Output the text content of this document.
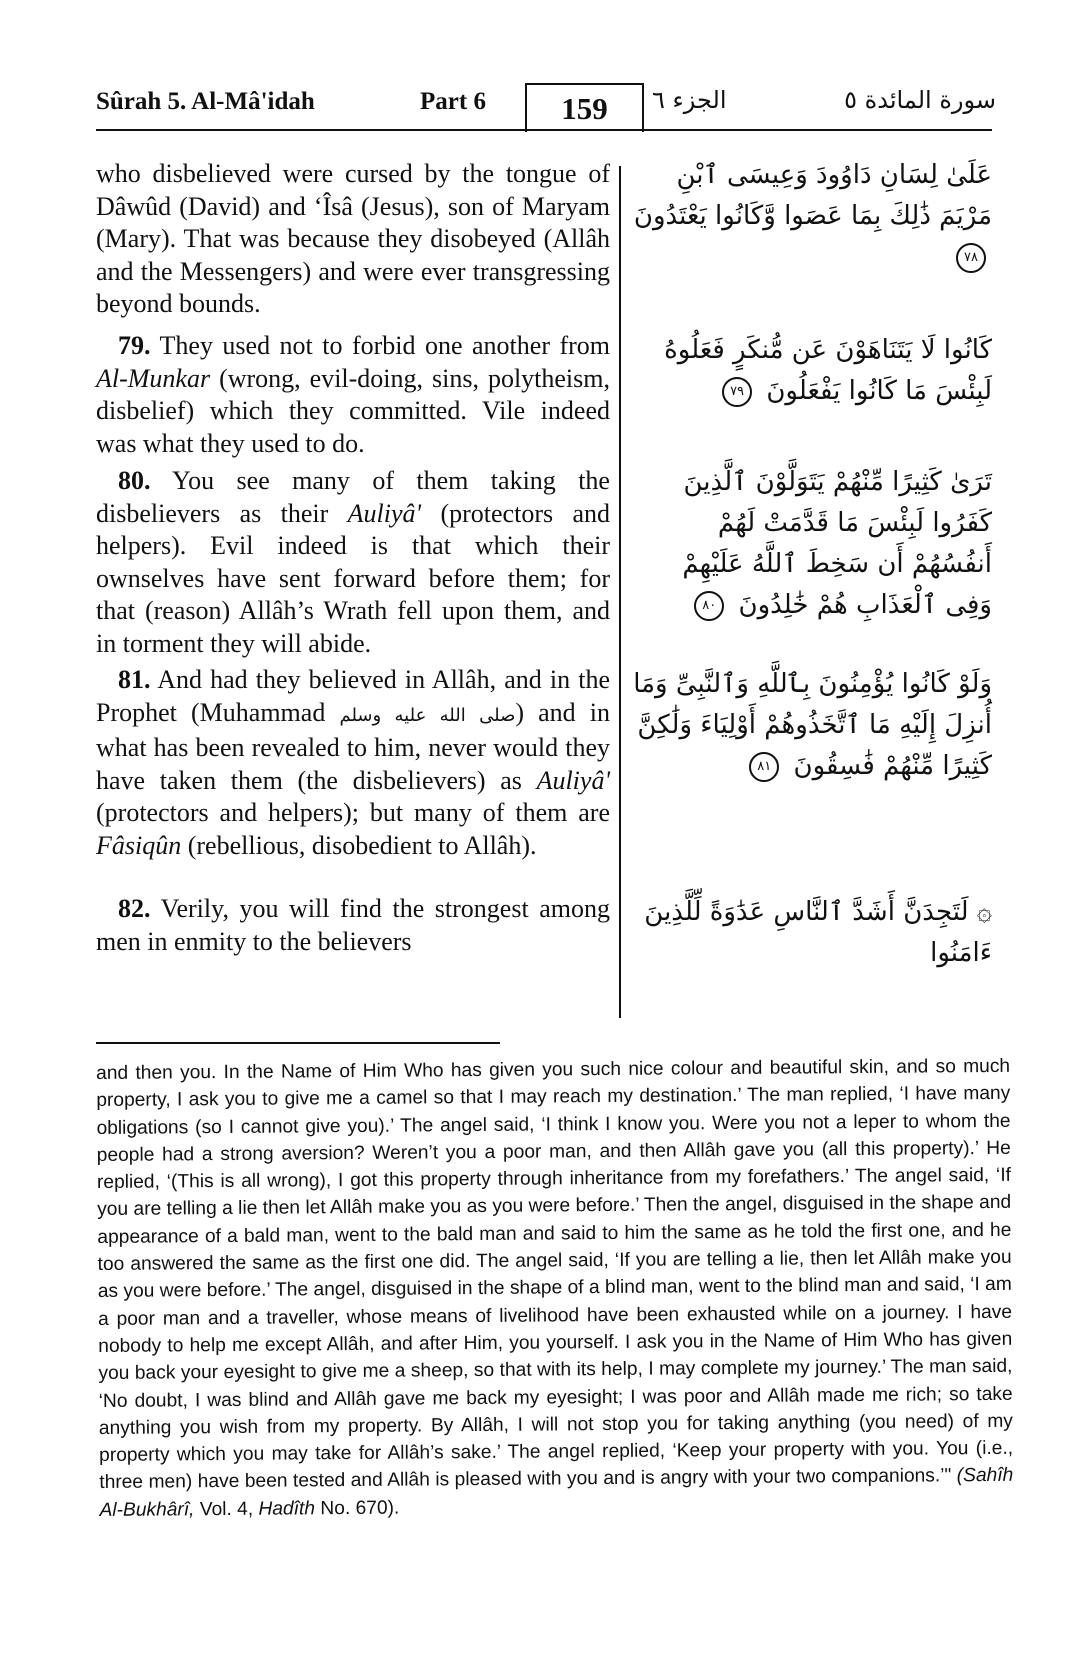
Sûrah 5. Al-Mâ'idah	Part 6	159	الجزء ٦	سورة المائدة ٥

who disbelieved were cursed by the tongue of Dâwûd (David) and ‘Îsâ (Jesus), son of Maryam (Mary). That was because they disobeyed (Allâh and the Messengers) and were ever transgressing beyond bounds.

عَلَىٰ لِسَانِ دَاوُودَ وَعِيسَى ٱبْنِ مَرْيَمَ ذَٰلِكَ بِمَا عَصَوا وَّكَانُوا يَعْتَدُونَ ٧٨

79. They used not to forbid one another from Al-Munkar (wrong, evil-doing, sins, polytheism, disbelief) which they committed. Vile indeed was what they used to do.

كَانُوا لَا يَتَنَاهَوْنَ عَن مُّنكَرٍ فَعَلُوهُ لَبِئْسَ مَا كَانُوا يَفْعَلُونَ ٧٩

80. You see many of them taking the disbelievers as their Auliyâ' (protectors and helpers). Evil indeed is that which their ownselves have sent forward before them; for that (reason) Allâh’s Wrath fell upon them, and in torment they will abide.

تَرَىٰ كَثِيرًا مِّنْهُمْ يَتَوَلَّوْنَ ٱلَّذِينَ كَفَرُوا لَبِئْسَ مَا قَدَّمَتْ لَهُمْ أَنفُسُهُمْ أَن سَخِطَ ٱللَّهُ عَلَيْهِمْ وَفِى ٱلْعَذَابِ هُمْ خَٰلِدُونَ ٨٠

81. And had they believed in Allâh, and in the Prophet (Muhammad صلى الله عليه وسلم) and in what has been revealed to him, never would they have taken them (the disbelievers) as Auliyâ' (protectors and helpers); but many of them are Fâsiqûn (rebellious, disobedient to Allâh).

وَلَوْ كَانُوا يُؤْمِنُونَ بِٱللَّهِ وَٱلنَّبِىِّ وَمَا أُنزِلَ إِلَيْهِ مَا ٱتَّخَذُوهُمْ أَوْلِيَاءَ وَلَٰكِنَّ كَثِيرًا مِّنْهُمْ فَٰسِقُونَ ٨١

82. Verily, you will find the strongest among men in enmity to the believers

۞ لَتَجِدَنَّ أَشَدَّ ٱلنَّاسِ عَدَٰوَةً لِّلَّذِينَ ءَامَنُوا

and then you. In the Name of Him Who has given you such nice colour and beautiful skin, and so much property, I ask you to give me a camel so that I may reach my destination.’ The man replied, ‘I have many obligations (so I cannot give you).’ The angel said, ‘I think I know you. Were you not a leper to whom the people had a strong aversion? Weren’t you a poor man, and then Allâh gave you (all this property).’ He replied, ‘(This is all wrong), I got this property through inheritance from my forefathers.’ The angel said, ‘If you are telling a lie then let Allâh make you as you were before.’ Then the angel, disguised in the shape and appearance of a bald man, went to the bald man and said to him the same as he told the first one, and he too answered the same as the first one did. The angel said, ‘If you are telling a lie, then let Allâh make you as you were before.’ The angel, disguised in the shape of a blind man, went to the blind man and said, ‘I am a poor man and a traveller, whose means of livelihood have been exhausted while on a journey. I have nobody to help me except Allâh, and after Him, you yourself. I ask you in the Name of Him Who has given you back your eyesight to give me a sheep, so that with its help, I may complete my journey.’ The man said, ‘No doubt, I was blind and Allâh gave me back my eyesight; I was poor and Allâh made me rich; so take anything you wish from my property. By Allâh, I will not stop you for taking anything (you need) of my property which you may take for Allâh’s sake.’ The angel replied, ‘Keep your property with you. You (i.e., three men) have been tested and Allâh is pleased with you and is angry with your two companions.’" (Sahîh Al-Bukhârî, Vol. 4, Hadîth No. 670).
